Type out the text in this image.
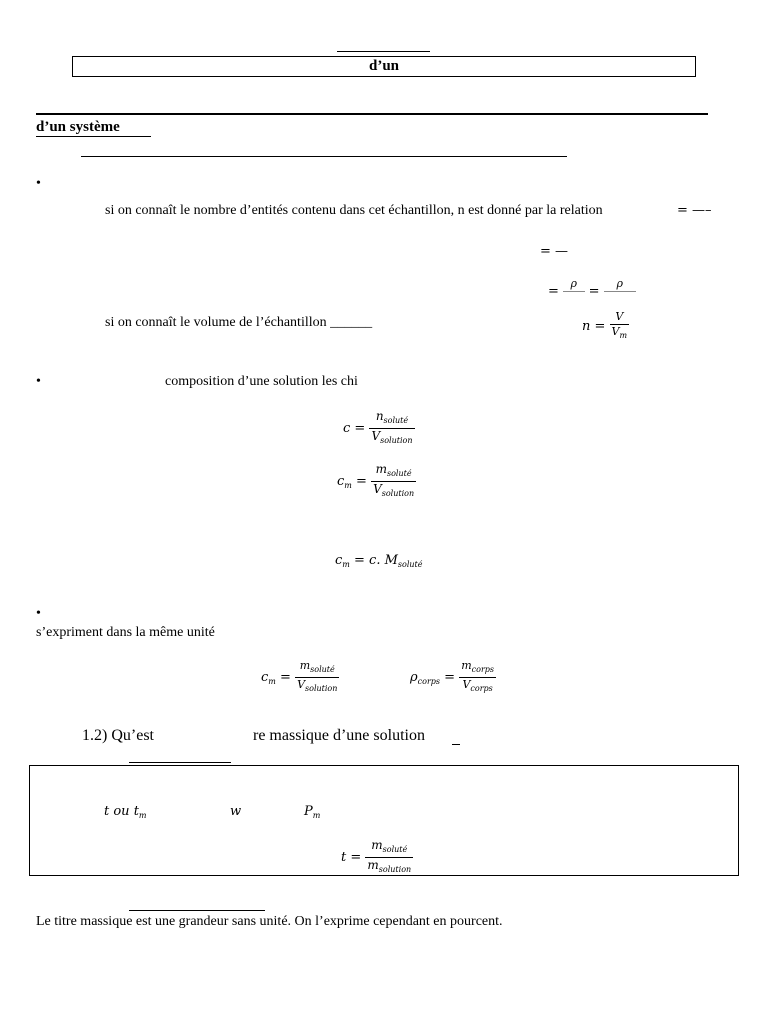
d’un
d’un système
•
si on connaît le nombre d’entités contenu dans cet échantillon, n est donné par la relation	= —–
= —
=
ρ

=
ρ

si on connaît le volume de l’échantillon ______	$n = \frac{V}{V_m}$
•	composition d’une solution les chi
$c = \frac{n_{soluté}}{V_{solution}}$
$c_m = \frac{m_{soluté}}{V_{solution}}$
$c_m = c$. $M_{soluté}$
•
s’expriment dans la même unité
$c_m = \frac{m_{soluté}}{V_{solution}}$	$\rho_{corps} = \frac{m_{corps}}{V_{corps}}$
1.2) Qu’est	re massique d’une solution
t ou $t_m$	w	$P_m$
$t = \frac{m_{soluté}}{m_{solution}}$
Le titre massique est une grandeur sans unité. On l’exprime cependant en pourcent.
